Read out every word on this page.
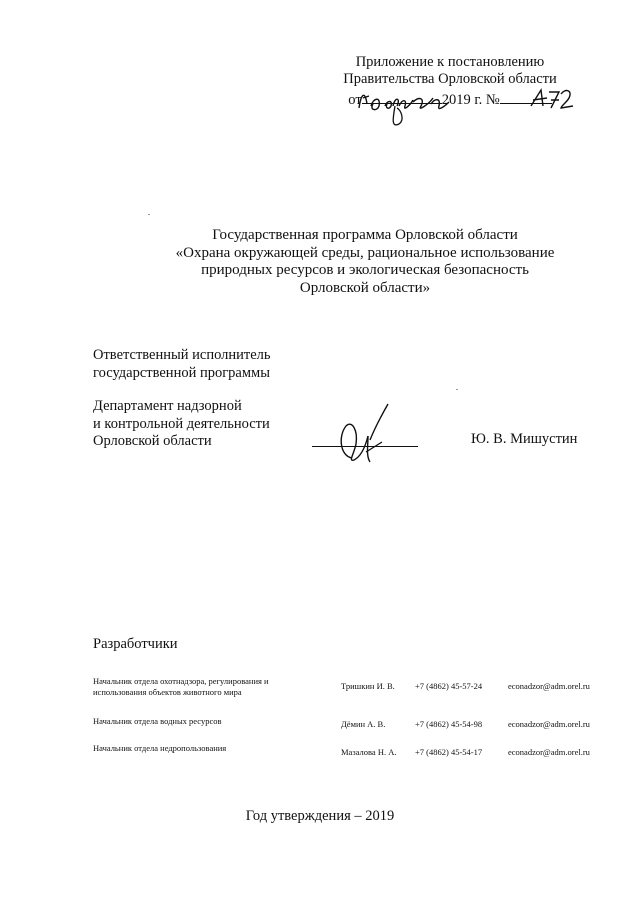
Приложение к постановлению
Правительства Орловской области
от	2019 г. №
Государственная программа Орловской области
«Охрана окружающей среды, рациональное использование
природных ресурсов и экологическая безопасность
Орловской области»
Ответственный исполнитель
государственной программы
Департамент надзорной
и контрольной деятельности
Орловской области	Ю. В. Мишустин
Разработчики
Начальник отдела охотнадзора, регулирования и
использования объектов животного мира
Тришкин И. В. +7 (4862) 45-57-24	econadzor@adm.orel.ru
Начальник отдела водных ресурсов	Дёмин А. В.	+7 (4862) 45-54-98	econadzor@adm.orel.ru
Начальник отдела недропользования	Мазалова Н. А. +7 (4862) 45-54-17	econadzor@adm.orel.ru
Год утверждения – 2019
